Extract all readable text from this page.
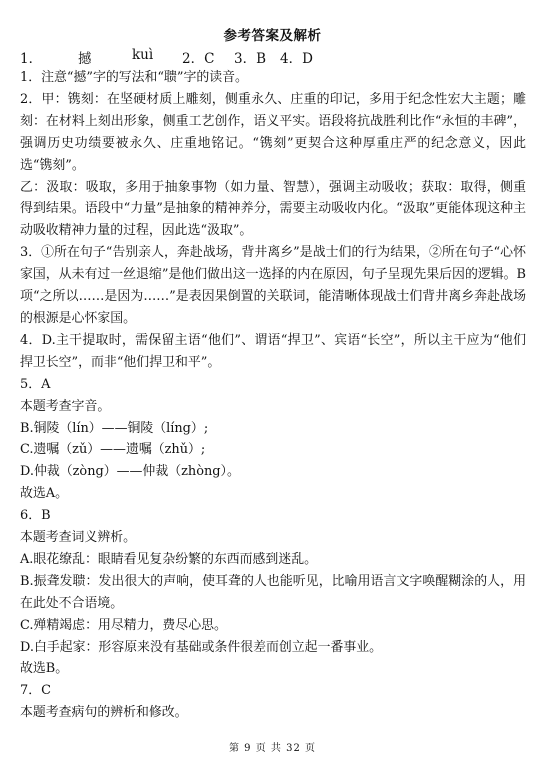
参考答案及解析
1．	撼	kuì 2．C 3．B 4．D

1．注意“撼”字的写法和“聩”字的读音。

2．甲：镌刻：在坚硬材质上雕刻，侧重永久、庄重的印记，多用于纪念性宏大主题；雕刻：在材料上刻出形象，侧重工艺创作，语义平实。语段将抗战胜利比作“永恒的丰碑”，强调历史功绩要被永久、庄重地铭记。“镌刻”更契合这种厚重庄严的纪念意义，因此选“镌刻”。

乙：汲取：吸取，多用于抽象事物（如力量、智慧），强调主动吸收；获取：取得，侧重得到结果。语段中“力量”是抽象的精神养分，需要主动吸收内化。“汲取”更能体现这种主动吸收精神力量的过程，因此选“汲取”。

3．①所在句子“告别亲人，奔赴战场，背井离乡”是战士们的行为结果，②所在句子“心怀家国，从未有过一丝退缩”是他们做出这一选择的内在原因，句子呈现先果后因的逻辑。B项“之所以……是因为……”是表因果倒置的关联词，能清晰体现战士们背井离乡奔赴战场的根源是心怀家国。

4．D.主干提取时，需保留主语“他们”、谓语“捍卫”、宾语“长空”，所以主干应为“他们捍卫长空”，而非“他们捍卫和平”。

5．A

本题考查字音。

B.铜陵（lín）——铜陵（líng）;

C.遗嘱（zǔ）——遗嘱（zhǔ）;

D.仲裁（zòng）——仲裁（zhòng）。

故选A。

6．B

本题考查词义辨析。

A.眼花缭乱：眼睛看见复杂纷繁的东西而感到迷乱。

B.振聋发聩：发出很大的声响，使耳聋的人也能听见，比喻用语言文字唤醒糊涂的人，用在此处不合语境。

C.殚精竭虑：用尽精力，费尽心思。

D.白手起家：形容原来没有基础或条件很差而创立起一番事业。

故选B。

7．C

本题考查病句的辨析和修改。

第 9 页 共 32 页
